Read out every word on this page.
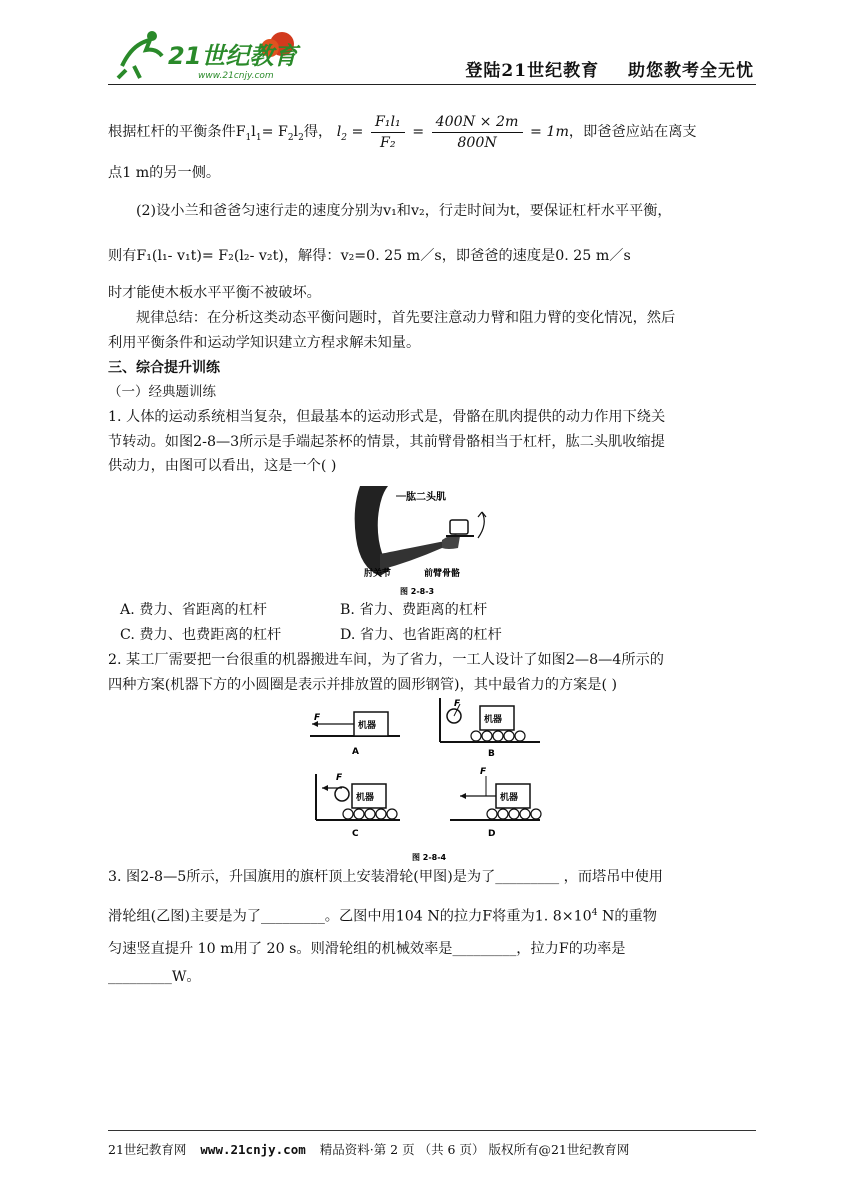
21世纪教育
www.21cnjy.com	登陆21世纪教育 助您教考全无忧
根据杠杆的平衡条件$F_1l_1= F_2l_2$得， $l_2 = \frac{\text{F₁l₁}}{\text{F₂}} = \frac{400N \times 2m}{800N} = 1m$，即爸爸应站在离支
点1 m的另一侧。
(2)设小兰和爸爸匀速行走的速度分别为v₁和v₂，行走时间为t，要保证杠杆水平平衡，
则有F₁(l₁- v₁t)= F₂(l₂- v₂t)，解得：v₂=0. 25 m／s，即爸爸的速度是0. 25 m／s
时才能使木板水平平衡不被破坏。
规律总结：在分析这类动态平衡问题时，首先要注意动力臂和阻力臂的变化情况，然后
利用平衡条件和运动学知识建立方程求解未知量。
三、综合提升训练
（一）经典题训练
1. 人体的运动系统相当复杂，但最基本的运动形式是，骨骼在肌肉提供的动力作用下绕关
节转动。如图2-8—3所示是手端起茶杯的情景，其前臂骨骼相当于杠杆，肱二头肌收缩提
供动力，由图可以看出，这是一个( )
肱二头肌
肘关节	前臂骨骼
图 2-8-3
A. 费力、省距离的杠杆	B. 省力、费距离的杠杆
C. 费力、也费距离的杠杆	D. 省力、也省距离的杠杆
2. 某工厂需要把一台很重的机器搬进车间，为了省力，一工人设计了如图2—8—4所示的
四种方案(机器下方的小圆圈是表示并排放置的圆形钢管)，其中最省力的方案是( )
机器
F
A
机器
F
B
机器
F
C
机器
F
D
图 2-8-4
3. 图2-8—5所示，升国旗用的旗杆顶上安装滑轮(甲图)是为了_________ ，而塔吊中使用
滑轮组(乙图)主要是为了_________。乙图中用104 N的拉力F将重为1. $8\times 10^4$ N的重物
匀速竖直提升 10 m用了 20 s。则滑轮组的机械效率是_________，拉力F的功率是
_________W。
21世纪教育网 www.21cnjy.com 精品资料·第 2 页 （共 6 页） 版权所有@21世纪教育网
